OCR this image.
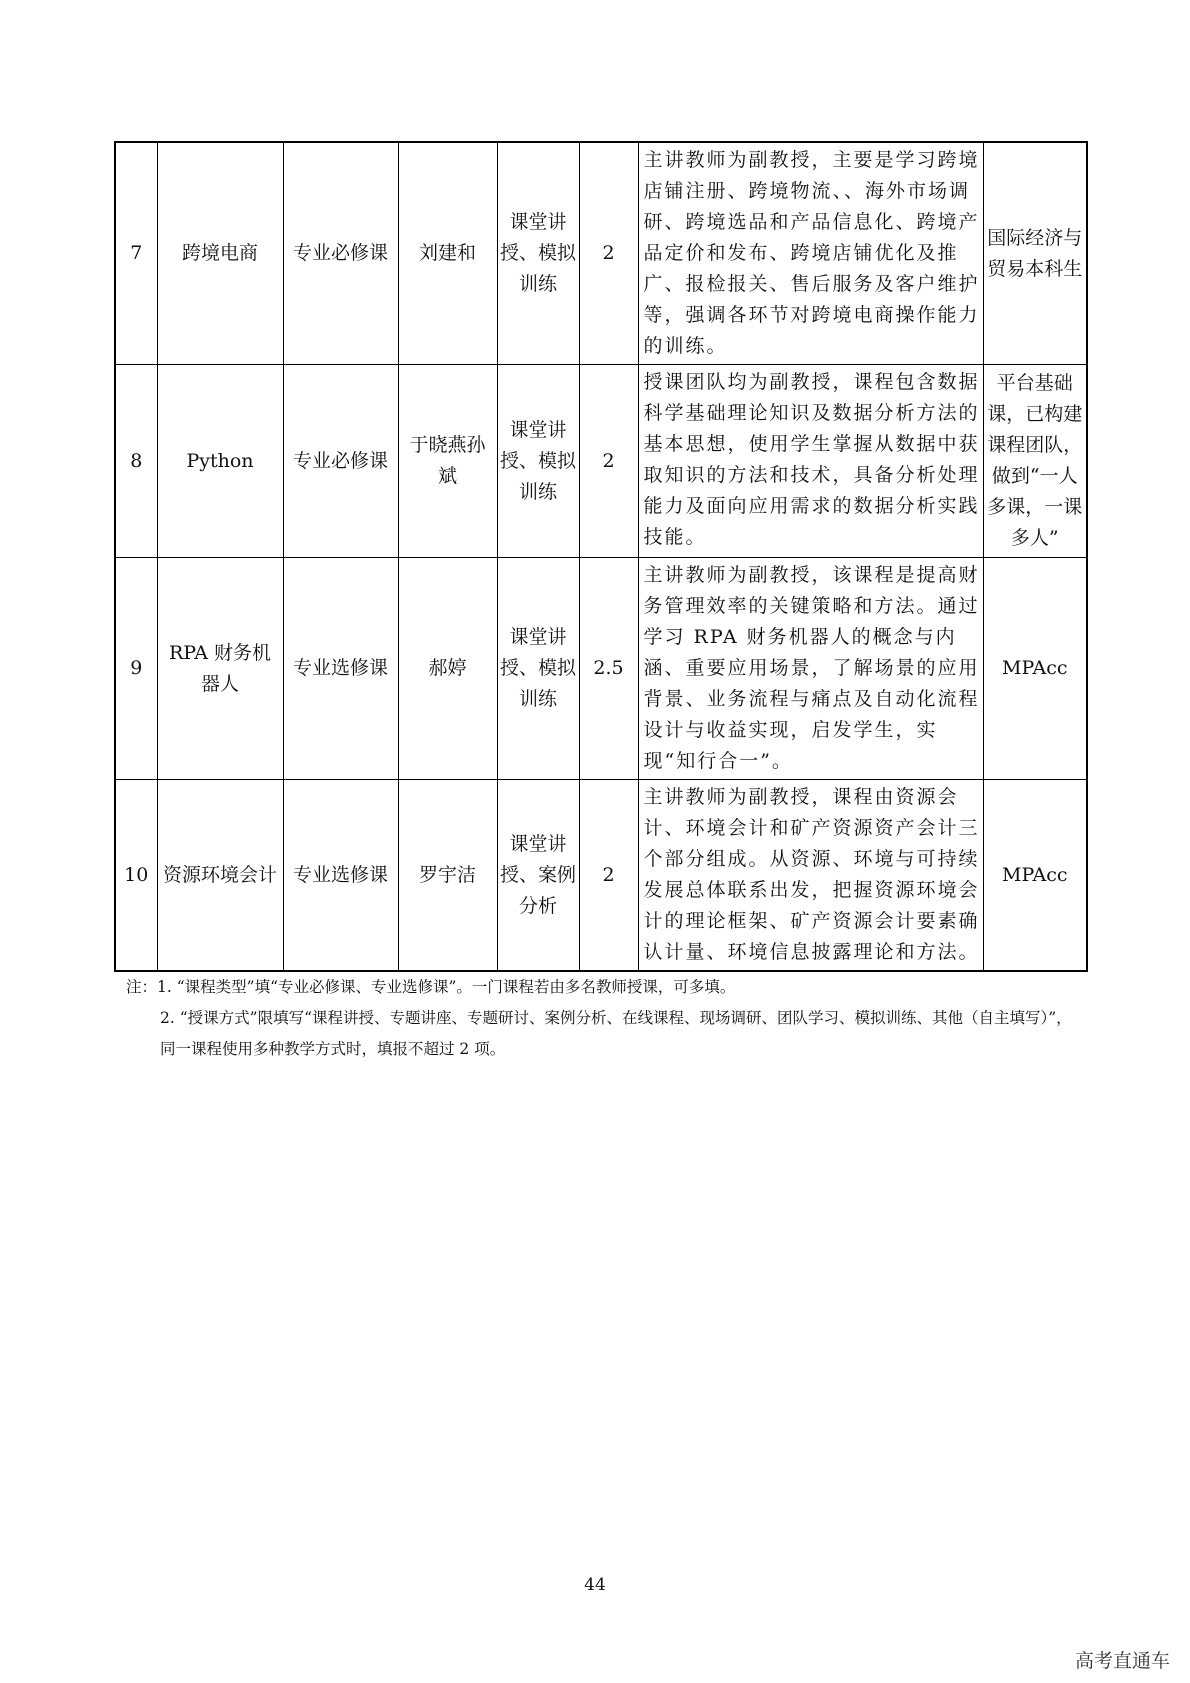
7	跨境电商	专业必修课	刘建和	课堂讲授、模拟训练	2	主讲教师为副教授，主要是学习跨境店铺注册、跨境物流、、海外市场调研、跨境选品和产品信息化、跨境产品定价和发布、跨境店铺优化及推广、报检报关、售后服务及客户维护等，强调各环节对跨境电商操作能力的训练。	国际经济与贸易本科生
8	Python	专业必修课	于晓燕孙斌	课堂讲授、模拟训练	2	授课团队均为副教授，课程包含数据科学基础理论知识及数据分析方法的基本思想，使用学生掌握从数据中获取知识的方法和技术，具备分析处理能力及面向应用需求的数据分析实践技能。	平台基础课，已构建课程团队，做到“一人多课，一课多人”
9	RPA 财务机器人	专业选修课	郝婷	课堂讲授、模拟训练	2.5	主讲教师为副教授，该课程是提高财务管理效率的关键策略和方法。通过学习 RPA 财务机器人的概念与内涵、重要应用场景，了解场景的应用背景、业务流程与痛点及自动化流程设计与收益实现，启发学生，实现“知行合一”。	MPAcc
10	资源环境会计	专业选修课	罗宇洁	课堂讲授、案例分析	2	主讲教师为副教授，课程由资源会计、环境会计和矿产资源资产会计三个部分组成。从资源、环境与可持续发展总体联系出发，把握资源环境会计的理论框架、矿产资源会计要素确认计量、环境信息披露理论和方法。	MPAcc
注：1. “课程类型”填“专业必修课、专业选修课”。一门课程若由多名教师授课，可多填。
2. “授课方式”限填写“课程讲授、专题讲座、专题研讨、案例分析、在线课程、现场调研、团队学习、模拟训练、其他（自主填写）”，同一课程使用多种教学方式时，填报不超过 2 项。
44
高考直通车
